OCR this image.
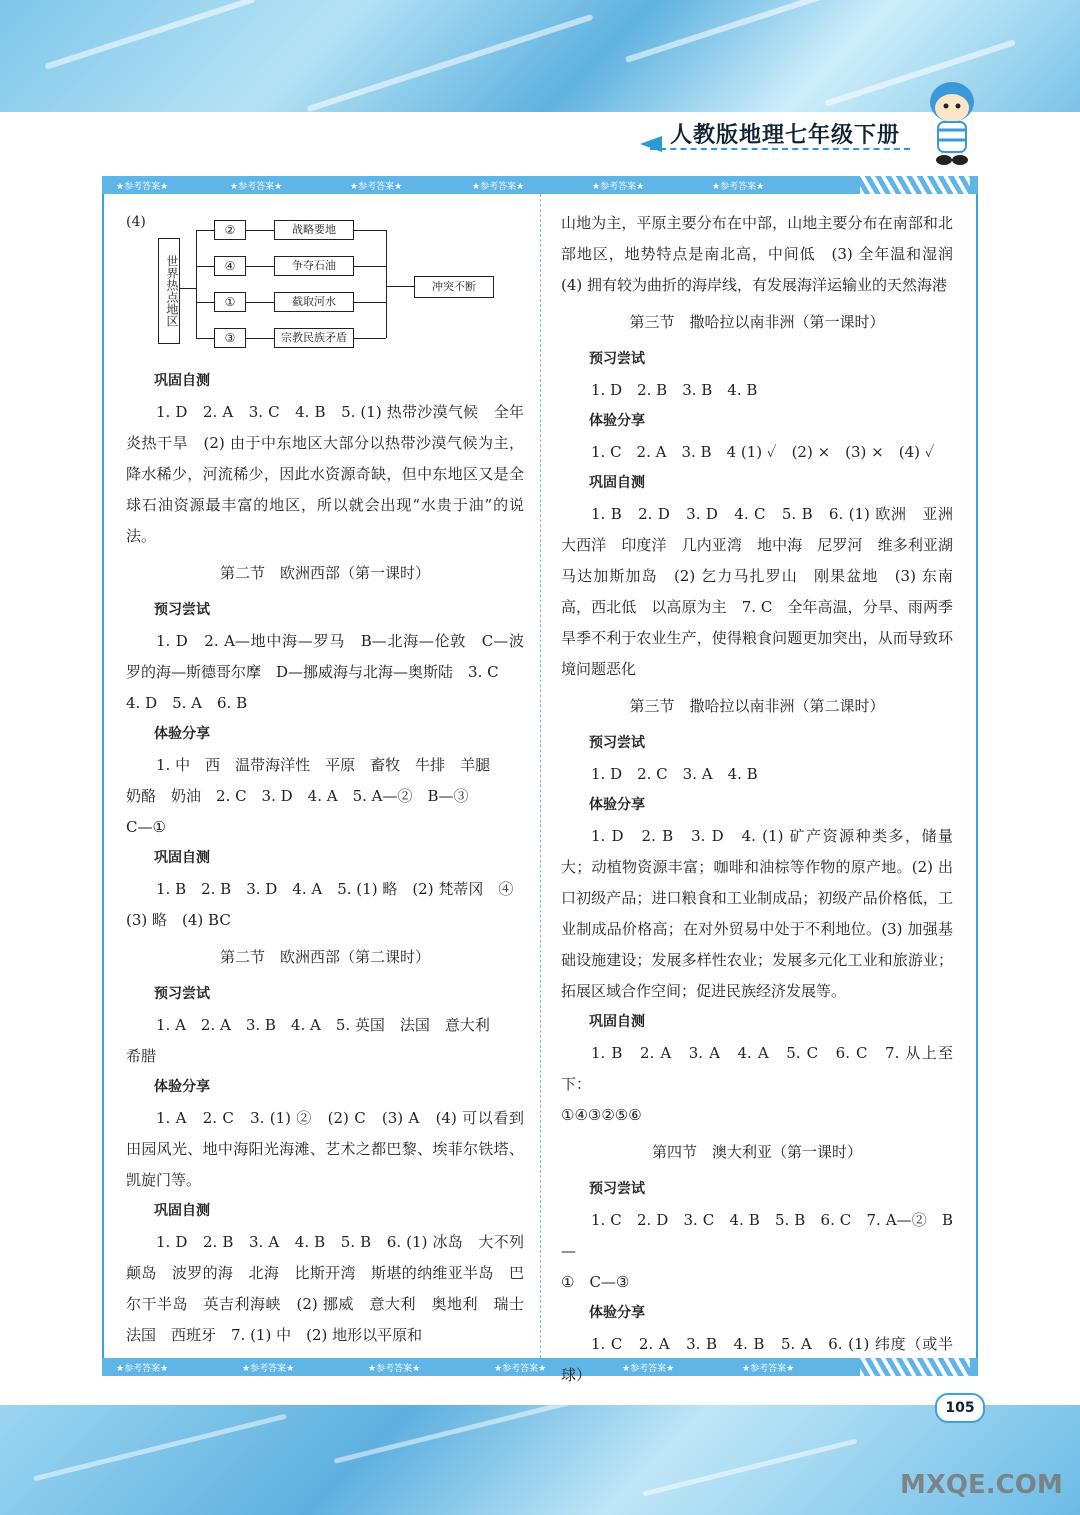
人教版地理七年级下册
★参考答案★	★参考答案★	★参考答案★	★参考答案★	★参考答案★	★参考答案★
★参考答案★	★参考答案★	★参考答案★	★参考答案★	★参考答案★	★参考答案★
(4)
世界热点地区
②
④
①
③
战略要地
争夺石油
截取河水
宗教民族矛盾
冲突不断

巩固自测

1. D　2. A　3. C　4. B　5. (1) 热带沙漠气候　全年炎热干旱　(2) 由于中东地区大部分以热带沙漠气候为主，降水稀少，河流稀少，因此水资源奇缺，但中东地区又是全球石油资源最丰富的地区，所以就会出现“水贵于油”的说法。

第二节　欧洲西部（第一课时）

预习尝试

1. D　2. A—地中海—罗马　B—北海—伦敦　C—波罗的海—斯德哥尔摩　D—挪威海与北海—奥斯陆　3. C

4. D　5. A　6. B

体验分享

1. 中　西　温带海洋性　平原　畜牧　牛排　羊腿

奶酪　奶油　2. C　3. D　4. A　5. A—②　B—③

C—①

巩固自测

1. B　2. B　3. D　4. A　5. (1) 略　(2) 梵蒂冈　④

(3) 略　(4) BC

第二节　欧洲西部（第二课时）

预习尝试

1. A　2. A　3. B　4. A　5. 英国　法国　意大利

希腊

体验分享

1. A　2. C　3. (1) ②　(2) C　(3) A　(4) 可以看到田园风光、地中海阳光海滩、艺术之都巴黎、埃菲尔铁塔、凯旋门等。

巩固自测

1. D　2. B　3. A　4. B　5. B　6. (1) 冰岛　大不列颠岛　波罗的海　北海　比斯开湾　斯堪的纳维亚半岛　巴尔干半岛　英吉利海峡　(2) 挪威　意大利　奥地利　瑞士　法国　西班牙　7. (1) 中　(2) 地形以平原和

山地为主，平原主要分布在中部，山地主要分布在南部和北部地区，地势特点是南北高，中间低　(3) 全年温和湿润　(4) 拥有较为曲折的海岸线，有发展海洋运输业的天然海港

第三节　撒哈拉以南非洲（第一课时）

预习尝试

1. D　2. B　3. B　4. B

体验分享

1. C　2. A　3. B　4 (1) ✓　(2) ×　(3) ×　(4) ✓

巩固自测

1. B　2. D　3. D　4. C　5. B　6. (1) 欧洲　亚洲　大西洋　印度洋　几内亚湾　地中海　尼罗河　维多利亚湖　马达加斯加岛　(2) 乞力马扎罗山　刚果盆地　(3) 东南高，西北低　以高原为主　7. C　全年高温，分旱、雨两季　旱季不利于农业生产，使得粮食问题更加突出，从而导致环境问题恶化

第三节　撒哈拉以南非洲（第二课时）

预习尝试

1. D　2. C　3. A　4. B

体验分享

1. D　2. B　3. D　4. (1) 矿产资源种类多，储量大；动植物资源丰富；咖啡和油棕等作物的原产地。(2) 出口初级产品；进口粮食和工业制成品；初级产品价格低，工业制成品价格高；在对外贸易中处于不利地位。(3) 加强基础设施建设；发展多样性农业；发展多元化工业和旅游业；拓展区域合作空间；促进民族经济发展等。

巩固自测

1. B　2. A　3. A　4. A　5. C　6. C　7. 从上至下：

①④③②⑤⑥

第四节　澳大利亚（第一课时）

预习尝试

1. C　2. D　3. C　4. B　5. B　6. C　7. A—②　B—

①　C—③

体验分享

1. C　2. A　3. B　4. B　5. A　6. (1) 纬度（或半球）

105
MXQE.COM
